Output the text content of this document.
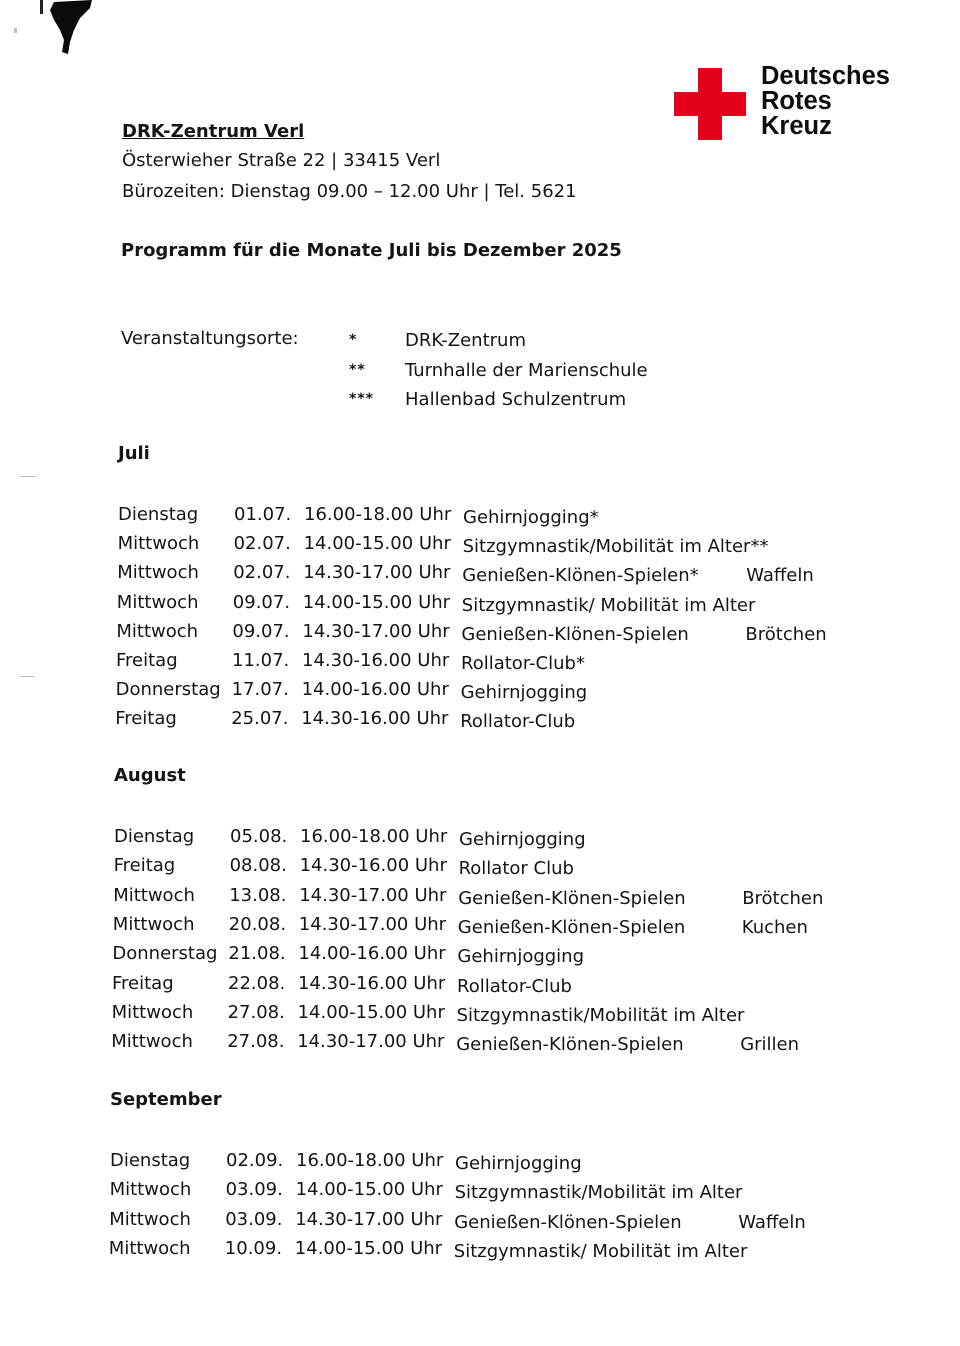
Deutsches
Rotes
Kreuz
DRK-Zentrum Verl
Österwieher Straße 22 | 33415 Verl
Bürozeiten: Dienstag 09.00 – 12.00 Uhr | Tel. 5621
Programm für die Monate Juli bis Dezember 2025
Veranstaltungsorte:	*	DRK-Zentrum
** Turnhalle der Marienschule
*** Hallenbad Schulzentrum
Juli
Dienstag 01.07. 16.00-18.00 Uhr Gehirnjogging*
Mittwoch 02.07. 14.00-15.00 Uhr Sitzgymnastik/Mobilität im Alter**
Mittwoch 02.07. 14.30-17.00 Uhr Genießen-Klönen-Spielen*	Waffeln
Mittwoch 09.07. 14.00-15.00 Uhr Sitzgymnastik/ Mobilität im Alter
Mittwoch 09.07. 14.30-17.00 Uhr Genießen-Klönen-Spielen	Brötchen
Freitag	11.07. 14.30-16.00 Uhr Rollator-Club*
Donnerstag 17.07. 14.00-16.00 Uhr Gehirnjogging
Freitag	25.07. 14.30-16.00 Uhr Rollator-Club
August
Dienstag 05.08. 16.00-18.00 Uhr Gehirnjogging
Freitag	08.08. 14.30-16.00 Uhr Rollator Club
Mittwoch 13.08. 14.30-17.00 Uhr Genießen-Klönen-Spielen	Brötchen
Mittwoch 20.08. 14.30-17.00 Uhr Genießen-Klönen-Spielen	Kuchen
Donnerstag 21.08. 14.00-16.00 Uhr Gehirnjogging
Freitag	22.08. 14.30-16.00 Uhr Rollator-Club
Mittwoch 27.08. 14.00-15.00 Uhr Sitzgymnastik/Mobilität im Alter
Mittwoch 27.08. 14.30-17.00 Uhr Genießen-Klönen-Spielen	Grillen
September
Dienstag 02.09. 16.00-18.00 Uhr Gehirnjogging
Mittwoch 03.09. 14.00-15.00 Uhr Sitzgymnastik/Mobilität im Alter
Mittwoch 03.09. 14.30-17.00 Uhr Genießen-Klönen-Spielen	Waffeln
Mittwoch 10.09. 14.00-15.00 Uhr Sitzgymnastik/ Mobilität im Alter
